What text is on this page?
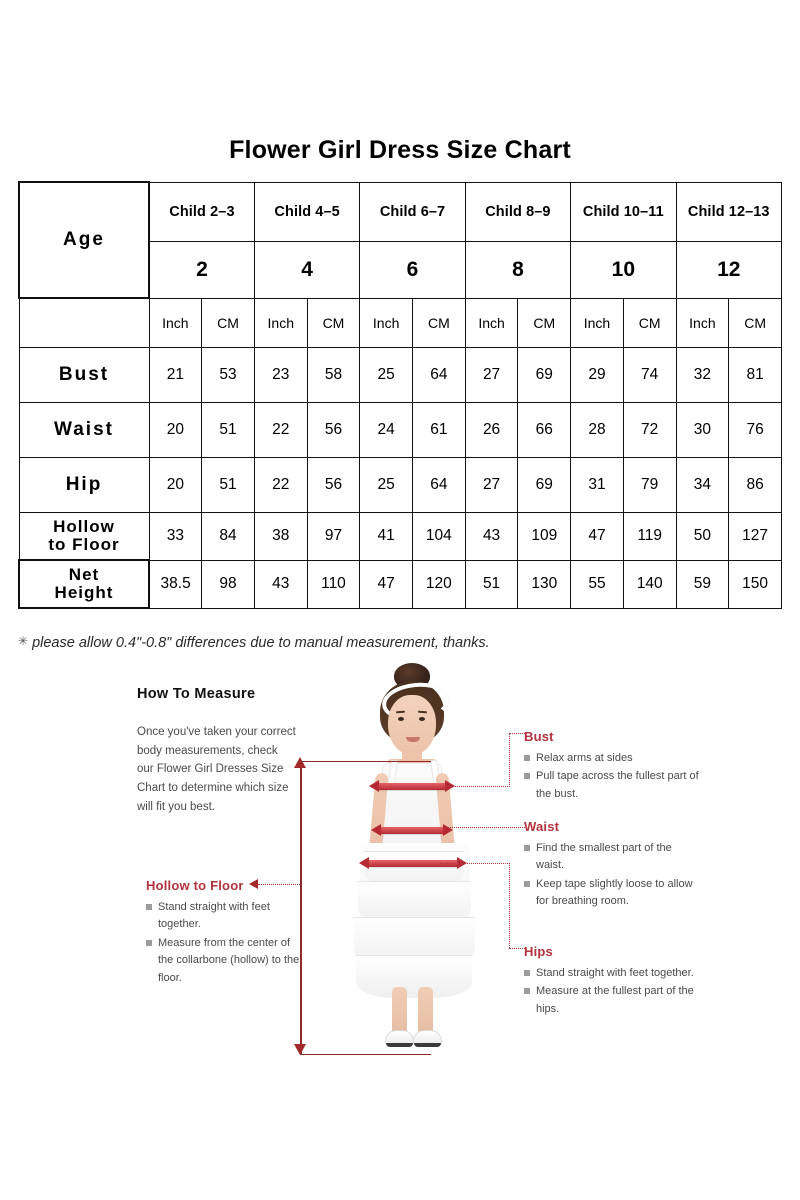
Flower Girl Dress Size Chart
Age	Child 2–3		Child 4–5		Child 6–7		Child 8–9		Child 10–11		Child 12–13	
	2		4		6		8		10		12	
	Inch	CM	Inch	CM	Inch	CM	Inch	CM	Inch	CM	Inch	CM
Bust	21	53	23	58	25	64	27	69	29	74	32	81
Waist	20	51	22	56	24	61	26	66	28	72	30	76
Hip	20	51	22	56	25	64	27	69	31	79	34	86

Hollow
to Floor	33	84	38	97	41	104	43	109	47	119	50	127

Net
Height	38.5	98	43	110	47	120	51	130	55	140	59	150
✳ please allow 0.4"-0.8" differences due to manual measurement, thanks.
How To Measure
Once you've taken your correct body measurements, check our Flower Girl Dresses Size Chart to determine which size will fit you best.
Hollow to Floor
Stand straight with feet together.
Measure from the center of the collarbone (hollow) to the floor.
Bust
Relax arms at sides
Pull tape across the fullest part of the bust.
Waist
Find the smallest part of the waist.
Keep tape slightly loose to allow for breathing room.
Hips
Stand straight with feet together.
Measure at the fullest part of the hips.
